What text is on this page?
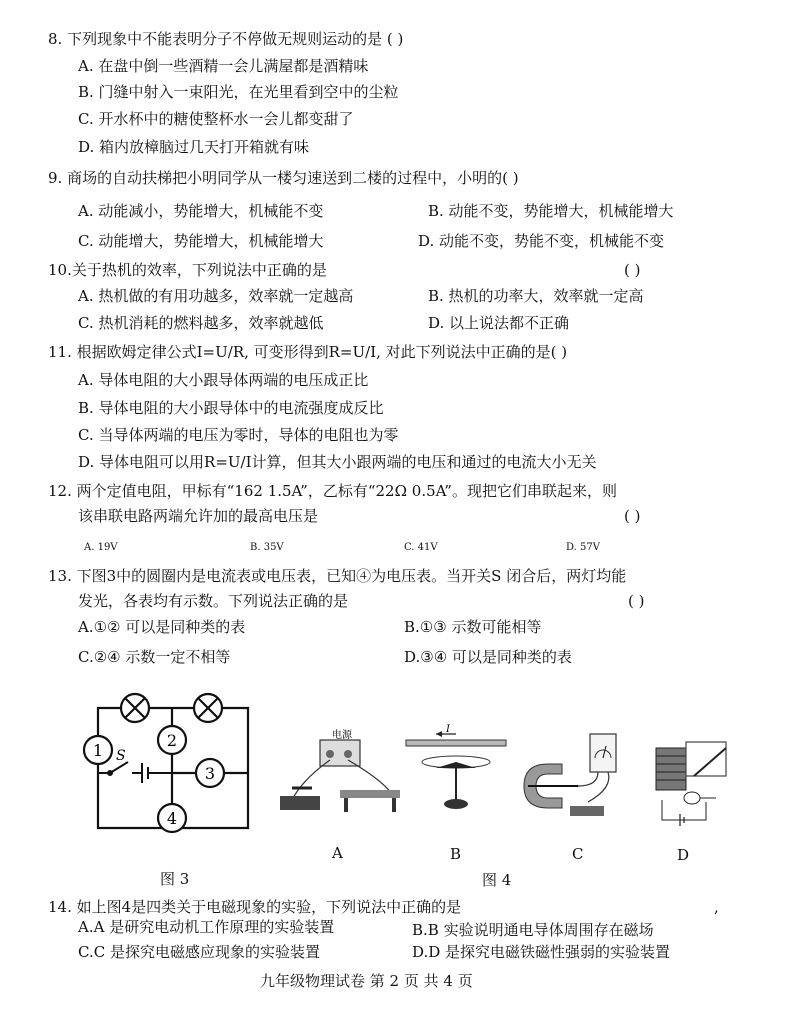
8. 下列现象中不能表明分子不停做无规则运动的是 ( )
A. 在盘中倒一些酒精一会儿满屋都是酒精味
B. 门缝中射入一束阳光，在光里看到空中的尘粒
C. 开水杯中的糖使整杯水一会儿都变甜了
D. 箱内放樟脑过几天打开箱就有味
9. 商场的自动扶梯把小明同学从一楼匀速送到二楼的过程中，小明的( )
A. 动能减小，势能增大，机械能不变	B. 动能不变，势能增大，机械能增大
C. 动能增大，势能增大，机械能增大	D. 动能不变，势能不变，机械能不变
10.关于热机的效率，下列说法中正确的是	( )
A. 热机做的有用功越多，效率就一定越高	B. 热机的功率大，效率就一定高
C. 热机消耗的燃料越多，效率就越低	D. 以上说法都不正确
11. 根据欧姆定律公式I=U/R, 可变形得到R=U/I, 对此下列说法中正确的是( )
A. 导体电阻的大小跟导体两端的电压成正比
B. 导体电阻的大小跟导体中的电流强度成反比
C. 当导体两端的电压为零时，导体的电阻也为零
D. 导体电阻可以用R=U/I计算，但其大小跟两端的电压和通过的电流大小无关
12. 两个定值电阻，甲标有“162 1.5A”，乙标有“22Ω 0.5A”。现把它们串联起来，则
该串联电路两端允许加的最高电压是	( )
A. 19V	B. 35V	C. 41V	D. 57V
13. 下图3中的圆圈内是电流表或电压表，已知④为电压表。当开关S 闭合后，两灯均能
发光，各表均有示数。下列说法正确的是	( )
A.①② 可以是同种类的表	B.①③ 示数可能相等
C.②④ 示数一定不相等	D.③④ 可以是同种类的表
1
2
3
4
S
图 3
电源
A
I
B	C	D
图 4
14. 如上图4是四类关于电磁现象的实验，下列说法中正确的是	,
A.A 是研究电动机工作原理的实验装置	B.B 实验说明通电导体周围存在磁场
C.C 是探究电磁感应现象的实验装置	D.D 是探究电磁铁磁性强弱的实验装置
九年级物理试卷 第 2 页 共 4 页
